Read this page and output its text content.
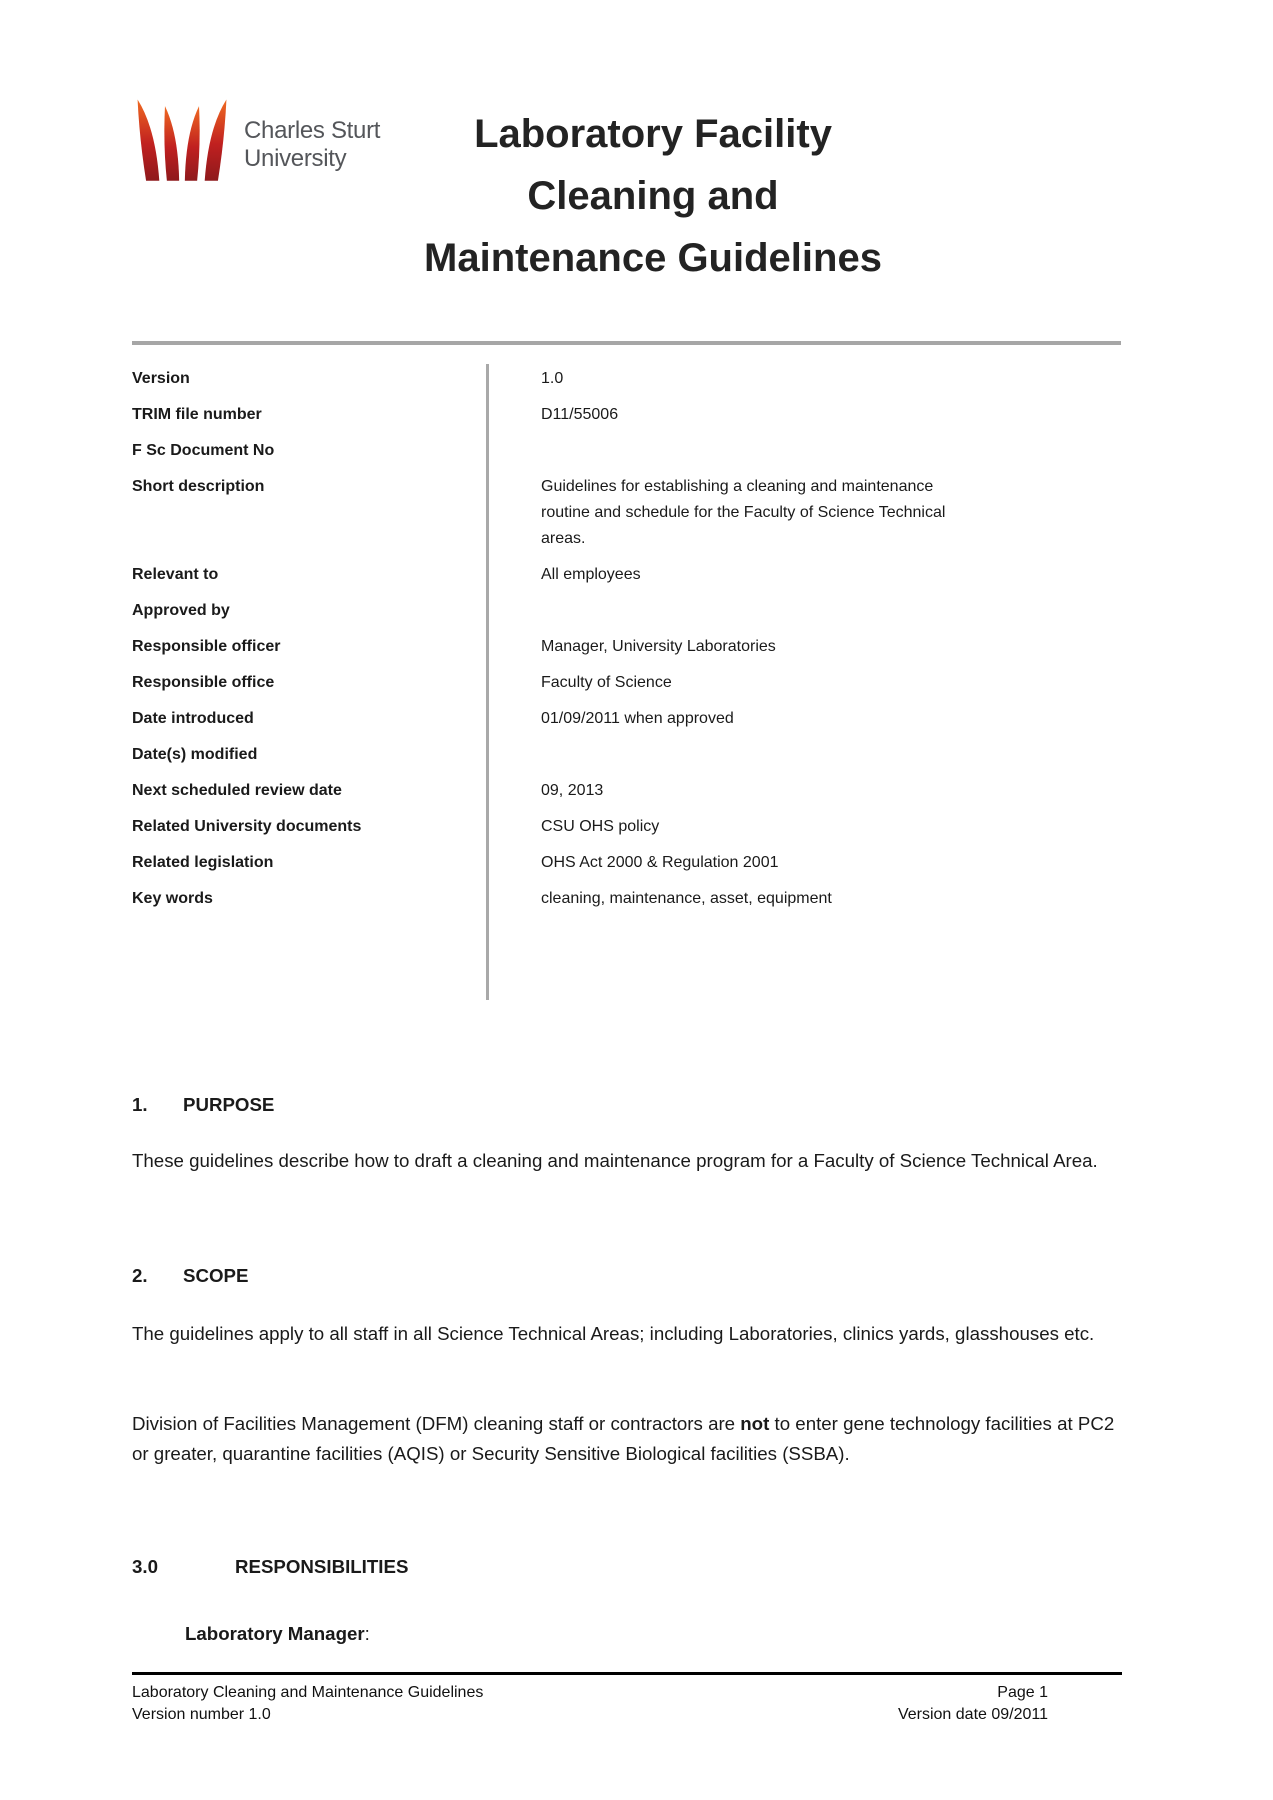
Charles Sturt
University
Laboratory Facility
Cleaning and
Maintenance Guidelines
Version	1.0
TRIM file number	D11/55006
F Sc Document No
Short description	Guidelines for establishing a cleaning and maintenance routine and schedule for the Faculty of Science Technical areas.
Relevant to	All employees
Approved by
Responsible officer	Manager, University Laboratories
Responsible office	Faculty of Science
Date introduced	01/09/2011 when approved
Date(s) modified
Next scheduled review date	09, 2013
Related University documents	CSU OHS policy
Related legislation	OHS Act 2000 & Regulation 2001
Key words	cleaning, maintenance, asset, equipment
1. PURPOSE

These guidelines describe how to draft a cleaning and maintenance program for a Faculty of Science Technical Area.

2. SCOPE

The guidelines apply to all staff in all Science Technical Areas; including Laboratories, clinics yards, glasshouses etc.

Division of Facilities Management (DFM) cleaning staff or contractors are not to enter gene technology facilities at PC2 or greater, quarantine facilities (AQIS) or Security Sensitive Biological facilities (SSBA).

3.0	RESPONSIBILITIES

Laboratory Manager:

Laboratory Cleaning and Maintenance Guidelines
Version number 1.0
Page 1
Version date 09/2011
